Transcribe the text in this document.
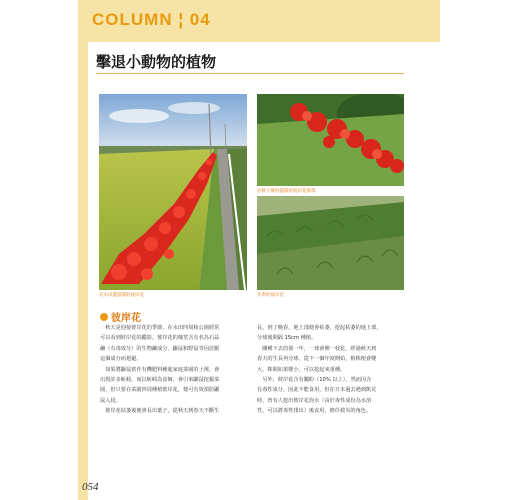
COLUMN ¦ 04
擊退小動物的植物
在水田邊盛開的彼岸花
於秋天後特盛開的彼岸花群落
冬季的彼岸花
彼岸花

　秋天是迎接彼岸花的季節，在水田四周和公園經常

可以看到彼岸花的蹤影。彼岸花的塊莖含有名為石蒜

鹼（有毒成分）的生物鹼成分，鼴鼠和野鼠等因討厭

這個成分而迴避。

　如果將鼴鼠當作有機肥料種進家庭菜園的土裡，會

出現許多蚯蚓，而以蚯蚓為食餌，會引來鼴鼠挖掘菜

園，但只要在菜園四周種植彼岸花，便可有效預防鼴

鼠入侵。

　彼岸花枯萎後便會長出葉子，從秋天到春天不斷生

長，到了晚春，地上部便會枯萎，挖起枯萎的地上部，

分球後間隔 15cm 種植。

　剛種下去的那一年，一球會開一枝花，經過秋天到

春天的生長再分球，從下一個年度開始，植株便會變

大，株間如果變小，可以挖起來重種。

　另外，彼岸花含有屬粉（10% 以上），然而因含

有毒性成分，因此不能食用，但在日本過去遇到飢荒

時，曾有人挖出彼岸花泡水（由於毒性成份為水溶

性，可以將毒性排出）後食用，擔任救災的角色。

054
